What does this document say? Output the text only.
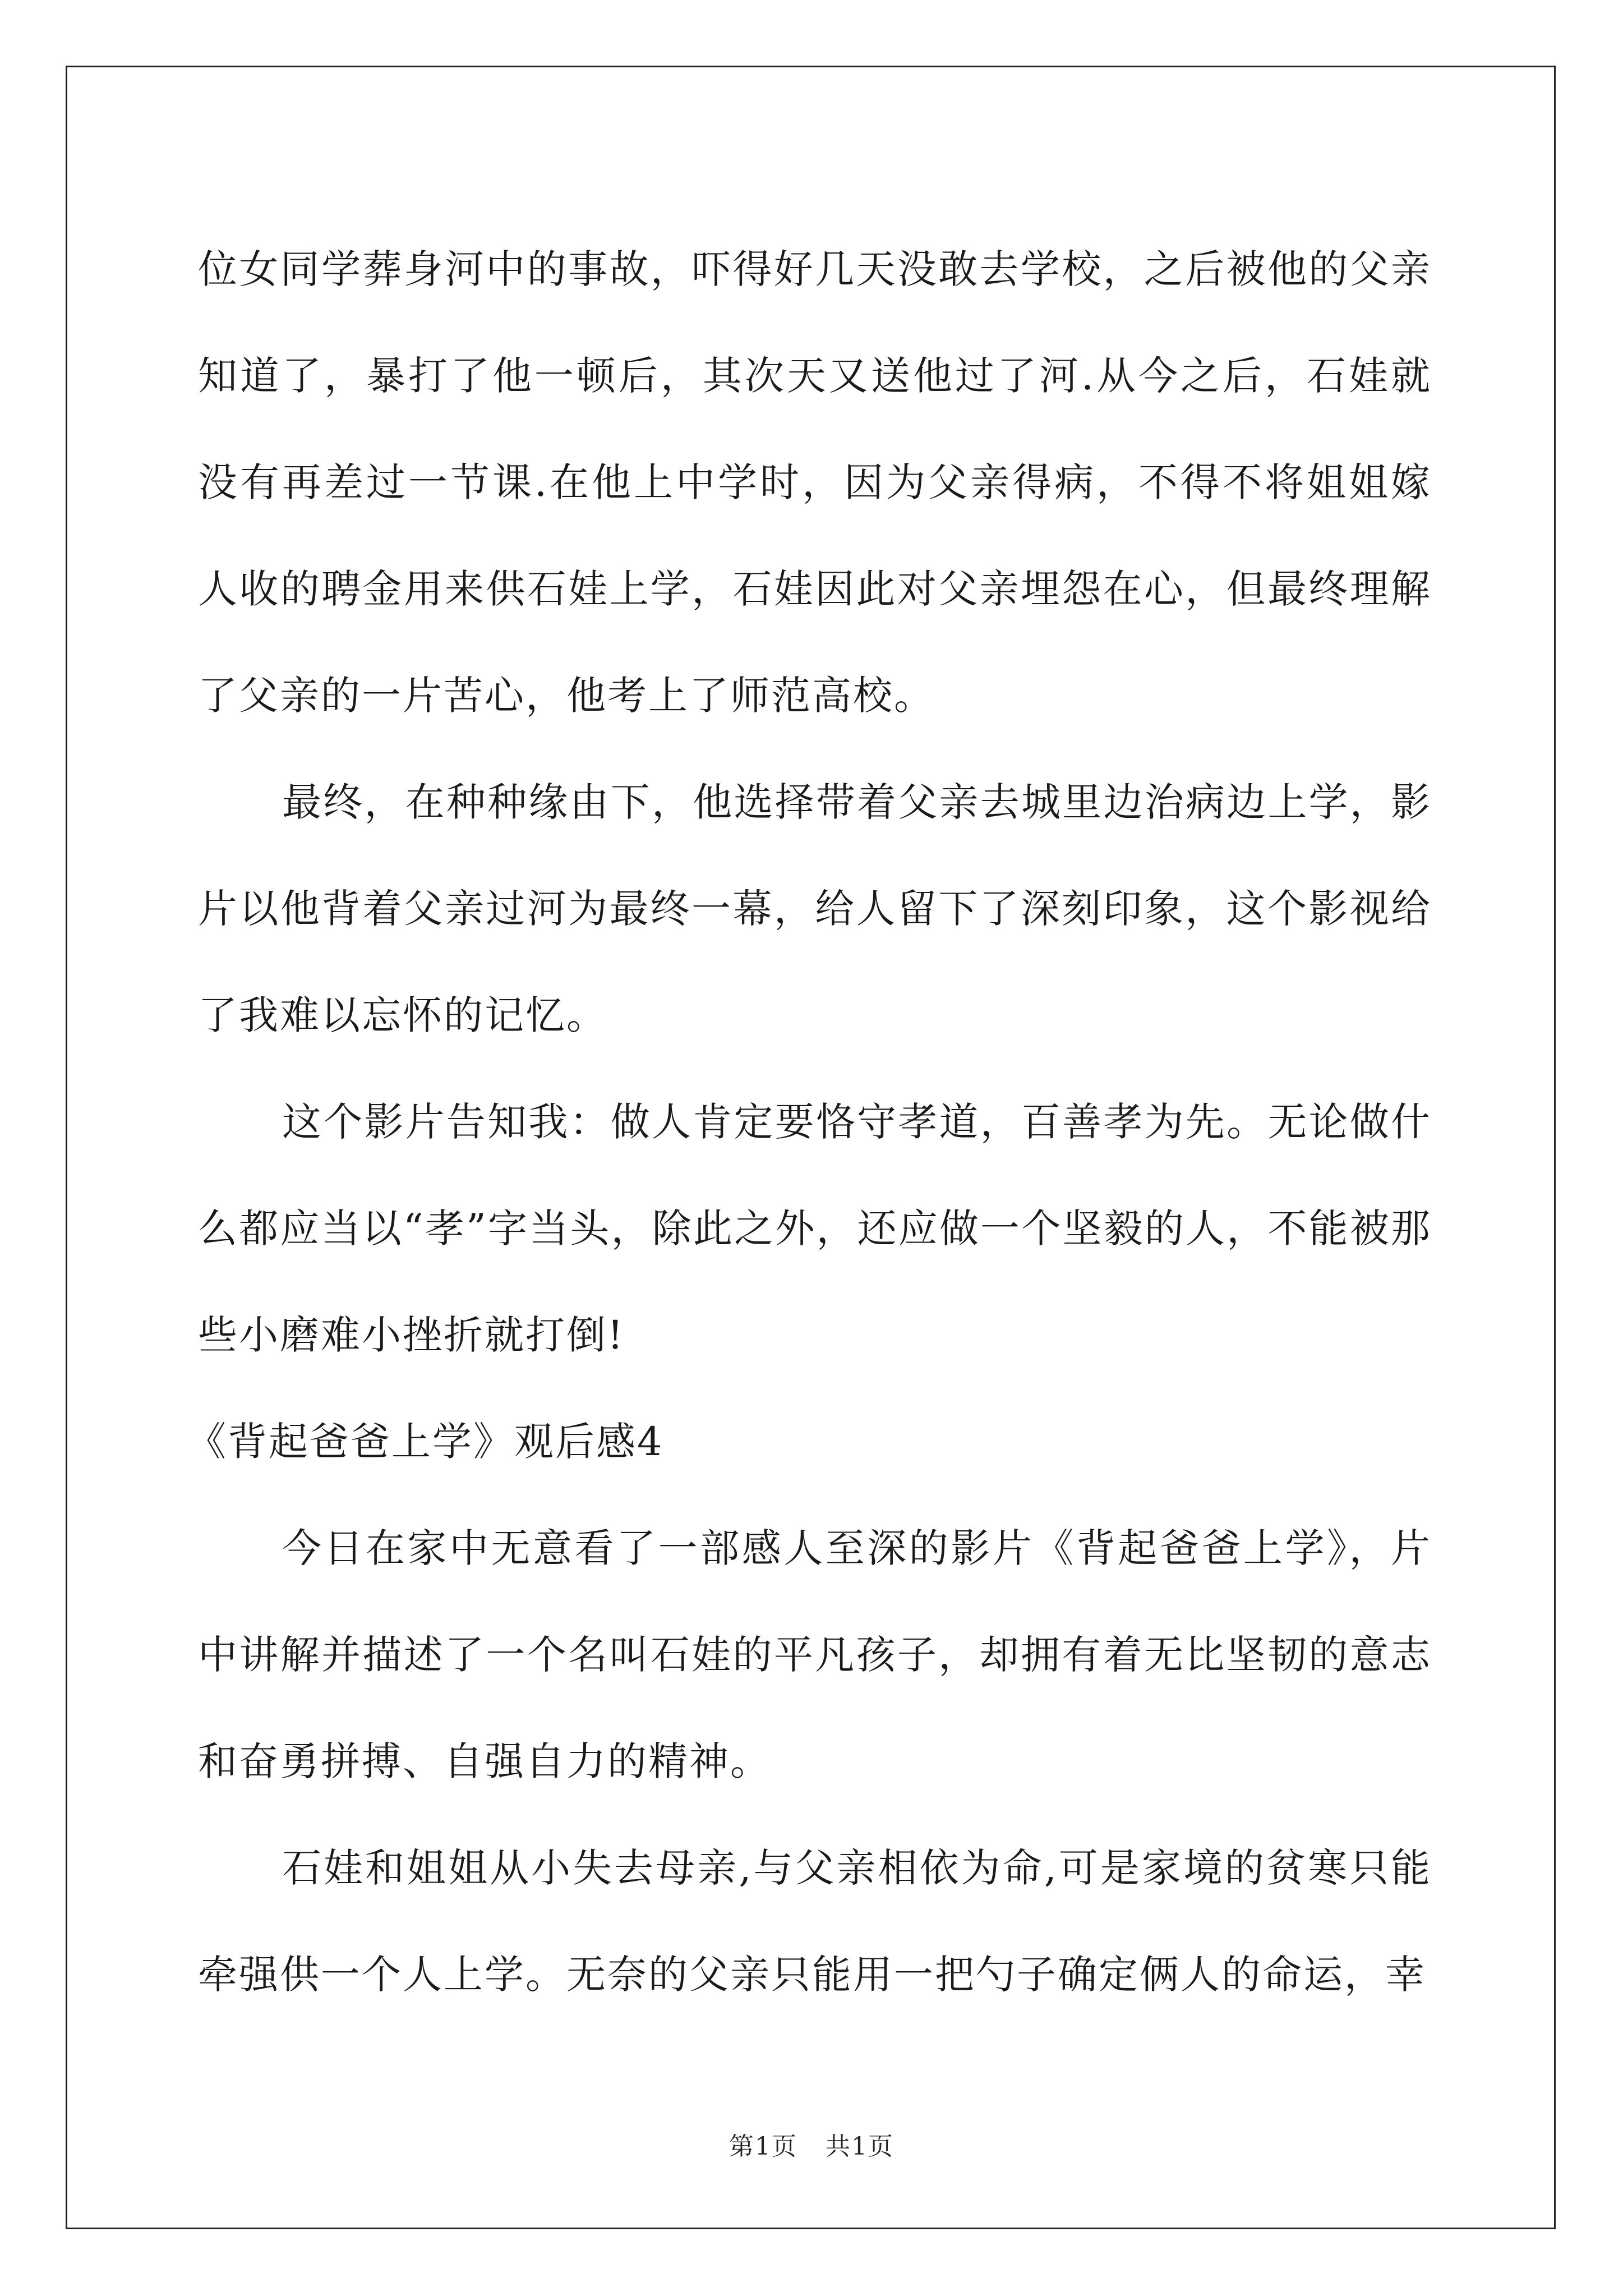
位女同学葬身河中的事故，吓得好几天没敢去学校，之后被他的父亲知道了，暴打了他一顿后，其次天又送他过了河.从今之后，石娃就没有再差过一节课.在他上中学时，因为父亲得病，不得不将姐姐嫁人收的聘金用来供石娃上学，石娃因此对父亲埋怨在心，但最终理解了父亲的一片苦心，他考上了师范高校。

最终，在种种缘由下，他选择带着父亲去城里边治病边上学，影片以他背着父亲过河为最终一幕，给人留下了深刻印象，这个影视给了我难以忘怀的记忆。

这个影片告知我：做人肯定要恪守孝道，百善孝为先。无论做什么都应当以“孝”字当头，除此之外，还应做一个坚毅的人，不能被那些小磨难小挫折就打倒!

《背起爸爸上学》观后感4

今日在家中无意看了一部感人至深的影片《背起爸爸上学》，片中讲解并描述了一个名叫石娃的平凡孩子，却拥有着无比坚韧的意志和奋勇拼搏、自强自力的精神。

石娃和姐姐从小失去母亲,与父亲相依为命,可是家境的贫寒只能牵强供一个人上学。无奈的父亲只能用一把勺子确定俩人的命运，幸

第1页 共1页
